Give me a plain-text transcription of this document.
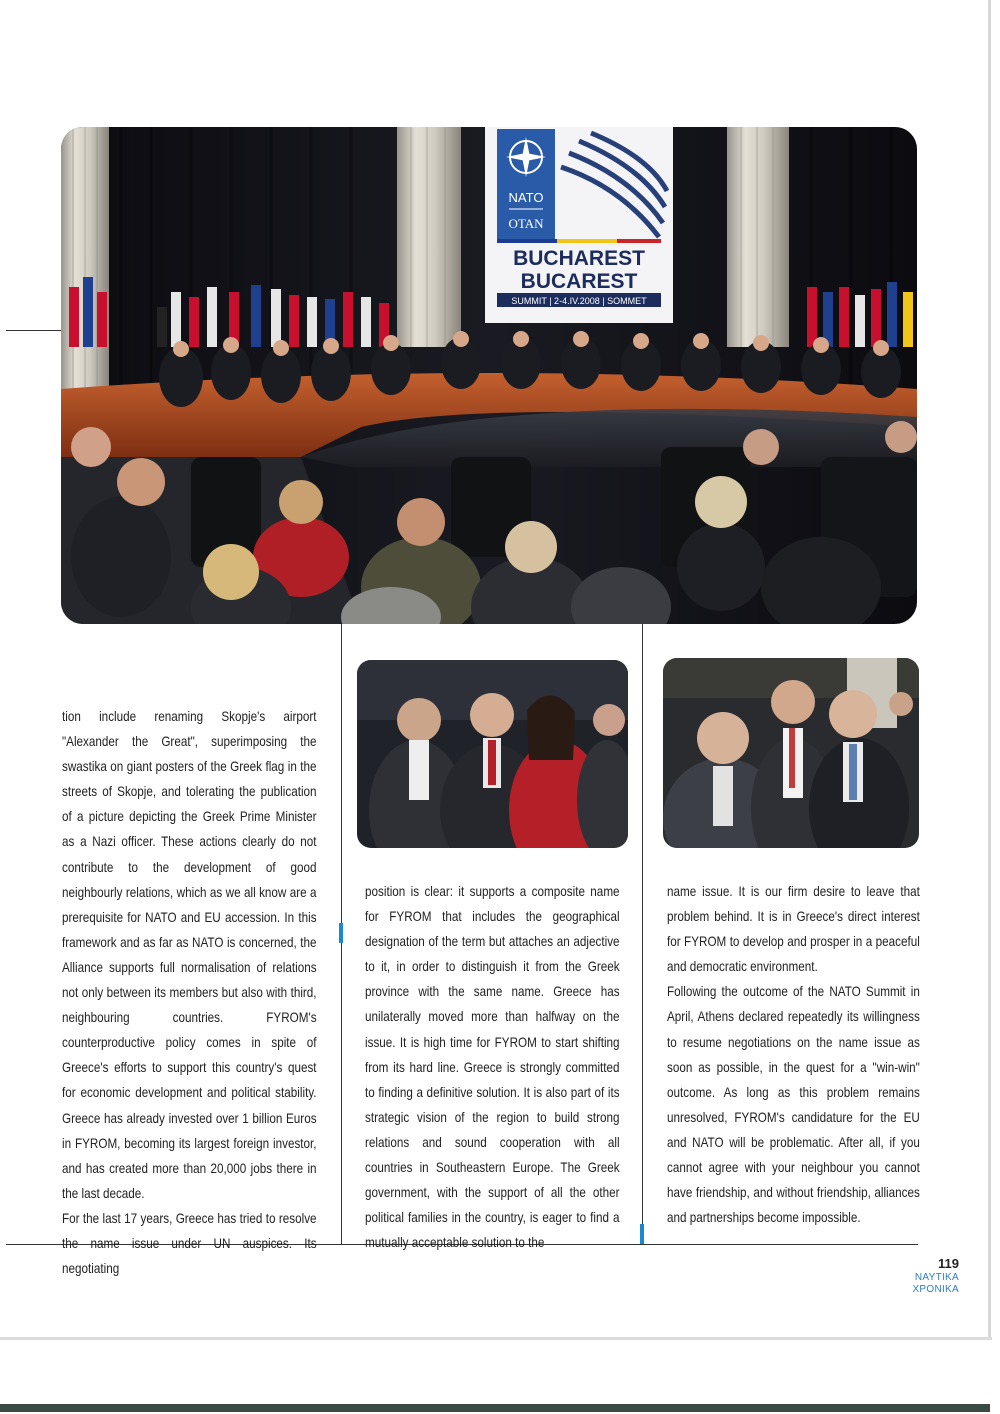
NATO
OTAN
BUCHAREST
BUCAREST
SUMMIT | 2-4.IV.2008 | SOMMET

tion include renaming Skopje's airport "Alexander the Great", superimposing the swastika on giant posters of the Greek flag in the streets of Skopje, and tolerating the publication of a picture depicting the Greek Prime Minister as a Nazi officer. These actions clearly do not contribute to the development of good neighbourly relations, which as we all know are a prerequisite for NATO and EU accession. In this framework and as far as NATO is concerned, the Alliance supports full normalisation of relations not only between its members but also with third, neighbouring countries. FYROM's counterproductive policy comes in spite of Greece's efforts to support this country's quest for economic development and political stability. Greece has already invested over 1 billion Euros in FYROM, becoming its largest foreign investor, and has created more than 20,000 jobs there in the last decade.

For the last 17 years, Greece has tried to resolve the name issue under UN auspices. Its negotiating

position is clear: it supports a composite name for FYROM that includes the geographical designation of the term but attaches an adjective to it, in order to distinguish it from the Greek province with the same name. Greece has unilaterally moved more than halfway on the issue. It is high time for FYROM to start shifting from its hard line. Greece is strongly committed to finding a definitive solution. It is also part of its strategic vision of the region to build strong relations and sound cooperation with all countries in Southeastern Europe. The Greek government, with the support of all the other political families in the country, is eager to find a mutually acceptable solution to the

name issue. It is our firm desire to leave that problem behind. It is in Greece's direct interest for FYROM to develop and prosper in a peaceful and democratic environment.

Following the outcome of the NATO Summit in April, Athens declared repeatedly its willingness to resume negotiations on the name issue as soon as possible, in the quest for a "win-win" outcome. As long as this problem remains unresolved, FYROM's candidature for the EU and NATO will be problematic. After all, if you cannot agree with your neighbour you cannot have friendship, and without friendship, alliances and partnerships become impossible.

119
ΝΑΥΤΙΚΑ
ΧΡΟΝΙΚΑ
